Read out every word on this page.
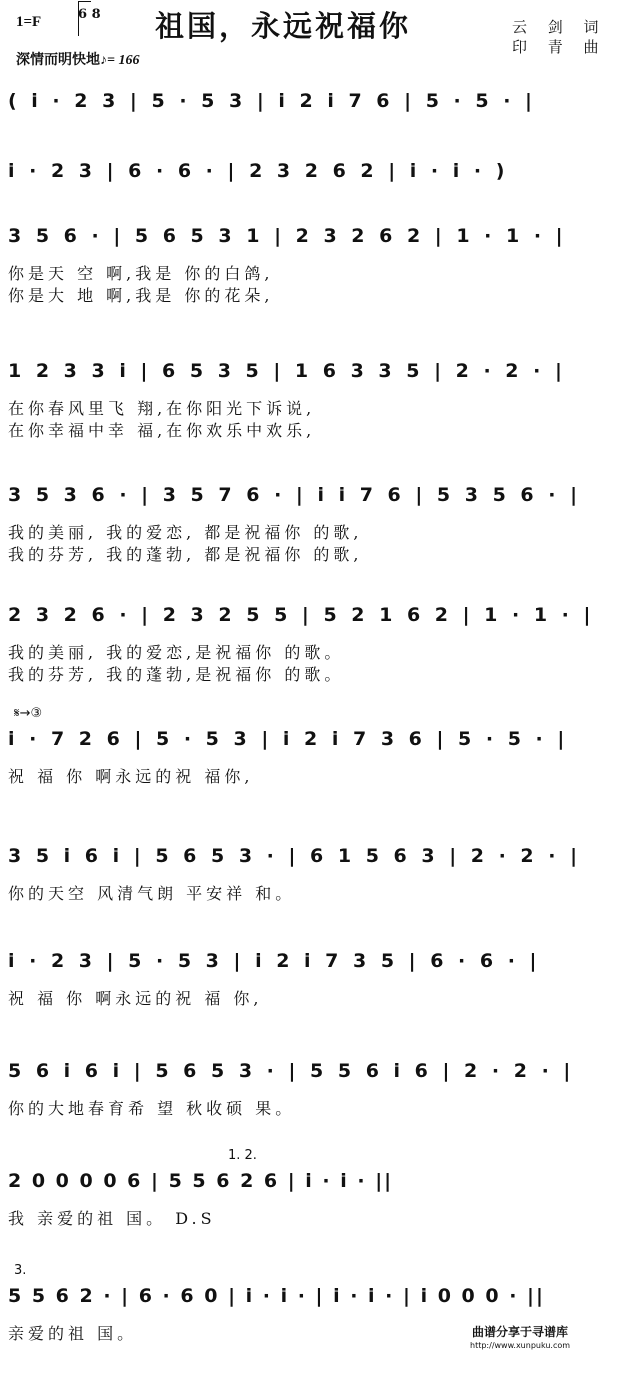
1=F	6 8 祖国，永远祝福你	云 剑 词
印 青 曲
深情而明快地♪= 166
( i · 2 3 | 5 · 5 3 | i 2 i 7 6 | 5 · 5 · |
i · 2 3 | 6 · 6 · | 2 3 2 6 2 | i · i · )
3 5 6 · | 5 6 5 3 1 | 2 3 2 6 2 | 1 · 1 · |
你是天 空 啊,我是 你的白鸽,
你是大 地 啊,我是 你的花朵,
1 2 3 3 i | 6 5 3 5 | 1 6 3 3 5 | 2 · 2 · |
在你春风里飞 翔,在你阳光下诉说,
在你幸福中幸 福,在你欢乐中欢乐,
3 5 3 6 · | 3 5 7 6 · | i i 7 6 | 5 3 5 6 · |
我的美丽, 我的爱恋, 都是祝福你 的歌,
我的芬芳, 我的蓬勃, 都是祝福你 的歌,
2 3 2 6 · | 2 3 2 5 5 | 5 2 1 6 2 | 1 · 1 · |
我的美丽, 我的爱恋,是祝福你 的歌。
我的芬芳, 我的蓬勃,是祝福你 的歌。
i · 7 2 6 | 5 · 5 3 | i 2 i 7 3 6 | 5 · 5 · |
𝄋→③
祝 福 你 啊永远的祝 福你,
3 5 i 6 i | 5 6 5 3 · | 6 1 5 6 3 | 2 · 2 · |
你的天空 风清气朗 平安祥 和。
i · 2 3 | 5 · 5 3 | i 2 i 7 3 5 | 6 · 6 · |
祝 福 你 啊永远的祝 福 你,
5 6 i 6 i | 5 6 5 3 · | 5 5 6 i 6 | 2 · 2 · |
你的大地春育希 望 秋收硕 果。
2 0 0 0 0 6 | 5 5 6 2 6 | i · i · ||
1. 2.
我 亲爱的祖 国。 D.S
5 5 6 2 · | 6 · 6 0 | i · i · | i · i · | i 0 0 0 · ||
3.
亲爱的祖 国。	曲谱分享于寻谱库
http://www.xunpuku.com
